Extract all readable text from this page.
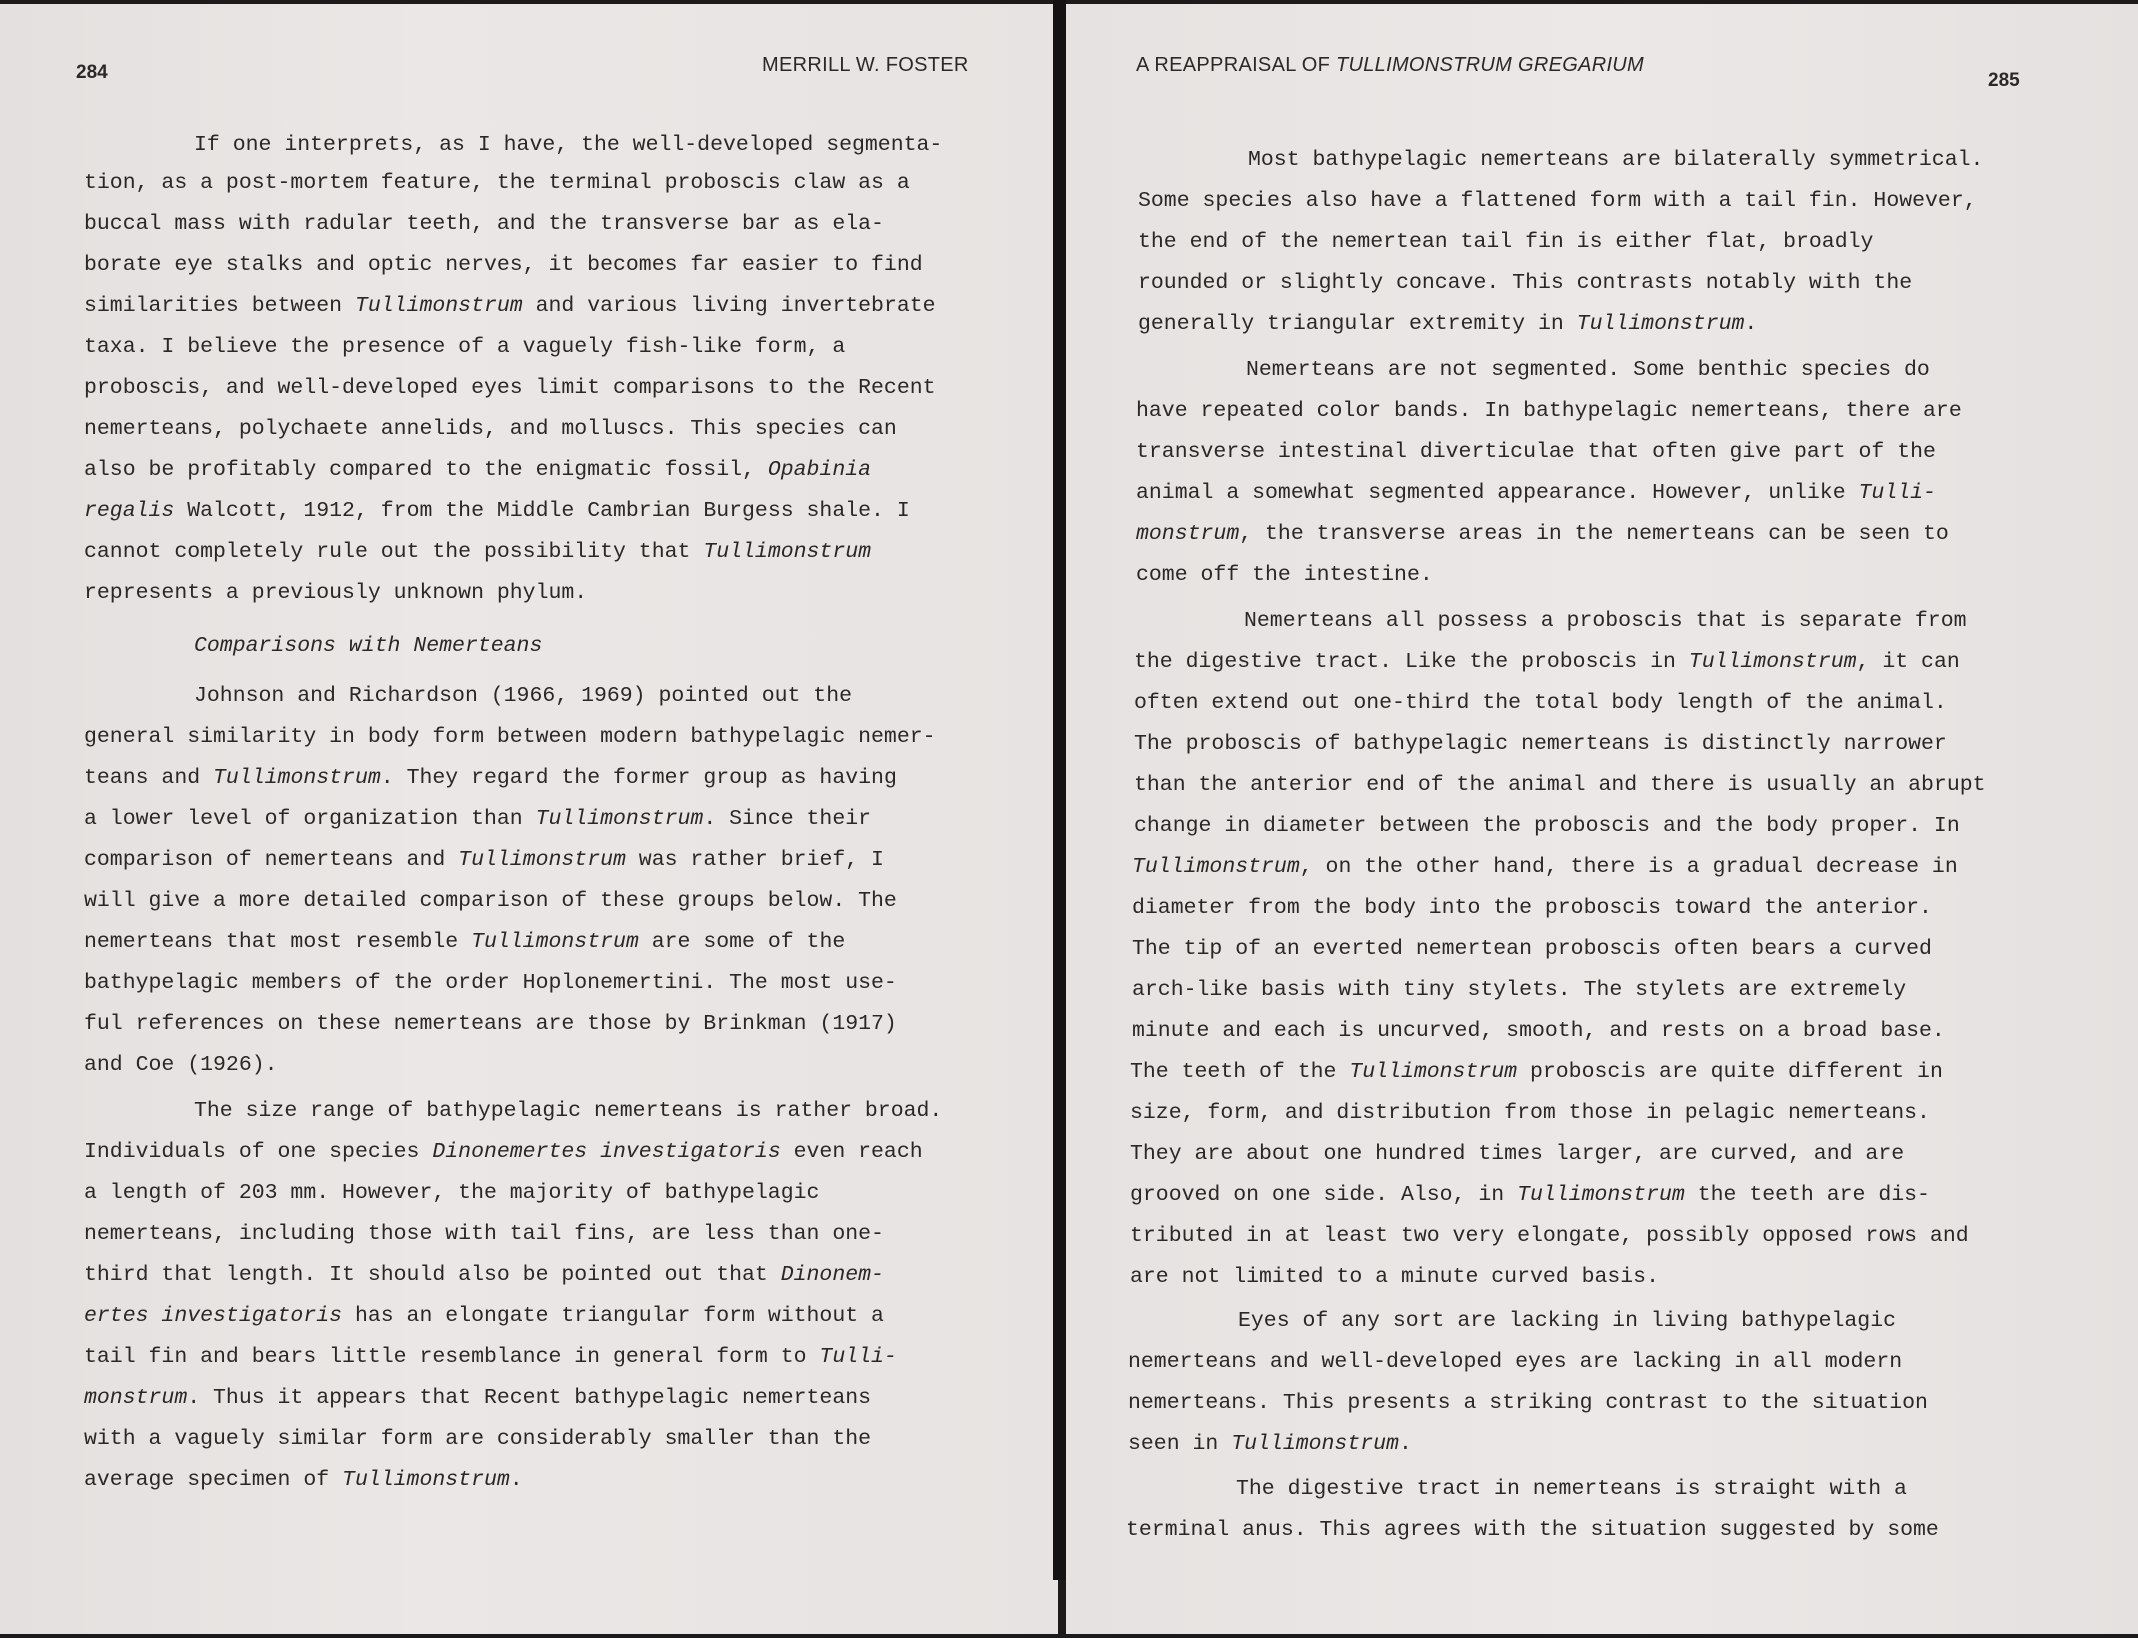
284	MERRILL W. FOSTER
If one interprets, as I have, the well-developed segmenta-
tion, as a post-mortem feature, the terminal proboscis claw as a
buccal mass with radular teeth, and the transverse bar as ela-
borate eye stalks and optic nerves, it becomes far easier to find
similarities between Tullimonstrum and various living invertebrate
taxa. I believe the presence of a vaguely fish-like form, a
proboscis, and well-developed eyes limit comparisons to the Recent
nemerteans, polychaete annelids, and molluscs. This species can
also be profitably compared to the enigmatic fossil, Opabinia
regalis Walcott, 1912, from the Middle Cambrian Burgess shale. I
cannot completely rule out the possibility that Tullimonstrum
represents a previously unknown phylum.
Comparisons with Nemerteans
Johnson and Richardson (1966, 1969) pointed out the
general similarity in body form between modern bathypelagic nemer-
teans and Tullimonstrum. They regard the former group as having
a lower level of organization than Tullimonstrum. Since their
comparison of nemerteans and Tullimonstrum was rather brief, I
will give a more detailed comparison of these groups below. The
nemerteans that most resemble Tullimonstrum are some of the
bathypelagic members of the order Hoplonemertini. The most use-
ful references on these nemerteans are those by Brinkman (1917)
and Coe (1926).
The size range of bathypelagic nemerteans is rather broad.
Individuals of one species Dinonemertes investigatoris even reach
a length of 203 mm. However, the majority of bathypelagic
nemerteans, including those with tail fins, are less than one-
third that length. It should also be pointed out that Dinonem-
ertes investigatoris has an elongate triangular form without a
tail fin and bears little resemblance in general form to Tulli-
monstrum. Thus it appears that Recent bathypelagic nemerteans
with a vaguely similar form are considerably smaller than the
average specimen of Tullimonstrum.
A REAPPRAISAL OF TULLIMONSTRUM GREGARIUM
285
Most bathypelagic nemerteans are bilaterally symmetrical.
Some species also have a flattened form with a tail fin. However,
the end of the nemertean tail fin is either flat, broadly
rounded or slightly concave. This contrasts notably with the
generally triangular extremity in Tullimonstrum.
Nemerteans are not segmented. Some benthic species do
have repeated color bands. In bathypelagic nemerteans, there are
transverse intestinal diverticulae that often give part of the
animal a somewhat segmented appearance. However, unlike Tulli-
monstrum, the transverse areas in the nemerteans can be seen to
come off the intestine.
Nemerteans all possess a proboscis that is separate from
the digestive tract. Like the proboscis in Tullimonstrum, it can
often extend out one-third the total body length of the animal.
The proboscis of bathypelagic nemerteans is distinctly narrower
than the anterior end of the animal and there is usually an abrupt
change in diameter between the proboscis and the body proper. In
Tullimonstrum, on the other hand, there is a gradual decrease in
diameter from the body into the proboscis toward the anterior.
The tip of an everted nemertean proboscis often bears a curved
arch-like basis with tiny stylets. The stylets are extremely
minute and each is uncurved, smooth, and rests on a broad base.
The teeth of the Tullimonstrum proboscis are quite different in
size, form, and distribution from those in pelagic nemerteans.
They are about one hundred times larger, are curved, and are
grooved on one side. Also, in Tullimonstrum the teeth are dis-
tributed in at least two very elongate, possibly opposed rows and
are not limited to a minute curved basis.
Eyes of any sort are lacking in living bathypelagic
nemerteans and well-developed eyes are lacking in all modern
nemerteans. This presents a striking contrast to the situation
seen in Tullimonstrum.
The digestive tract in nemerteans is straight with a
terminal anus. This agrees with the situation suggested by some
